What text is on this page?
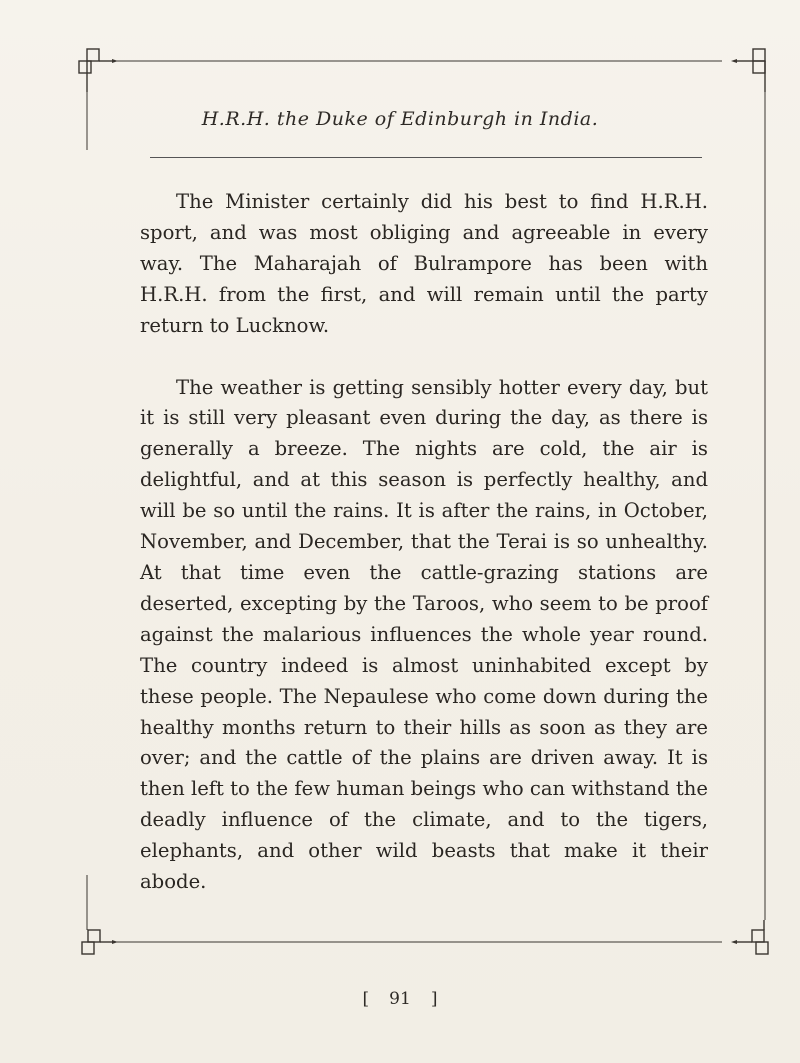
H.R.H. the Duke of Edinburgh in India.

The Minister certainly did his best to find H.R.H. sport, and was most obliging and agreeable in every way. The Maharajah of Bulrampore has been with H.R.H. from the first, and will remain until the party return to Lucknow.

The weather is getting sensibly hotter every day, but it is still very pleasant even during the day, as there is generally a breeze. The nights are cold, the air is delightful, and at this season is perfectly healthy, and will be so until the rains. It is after the rains, in October, November, and December, that the Terai is so unhealthy. At that time even the cattle-grazing stations are deserted, excepting by the Taroos, who seem to be proof against the malarious influences the whole year round. The country indeed is almost uninhabited except by these people. The Nepaulese who come down during the healthy months return to their hills as soon as they are over; and the cattle of the plains are driven away. It is then left to the few human beings who can withstand the deadly influence of the climate, and to the tigers, elephants, and other wild beasts that make it their abode.

[ 91 ]
